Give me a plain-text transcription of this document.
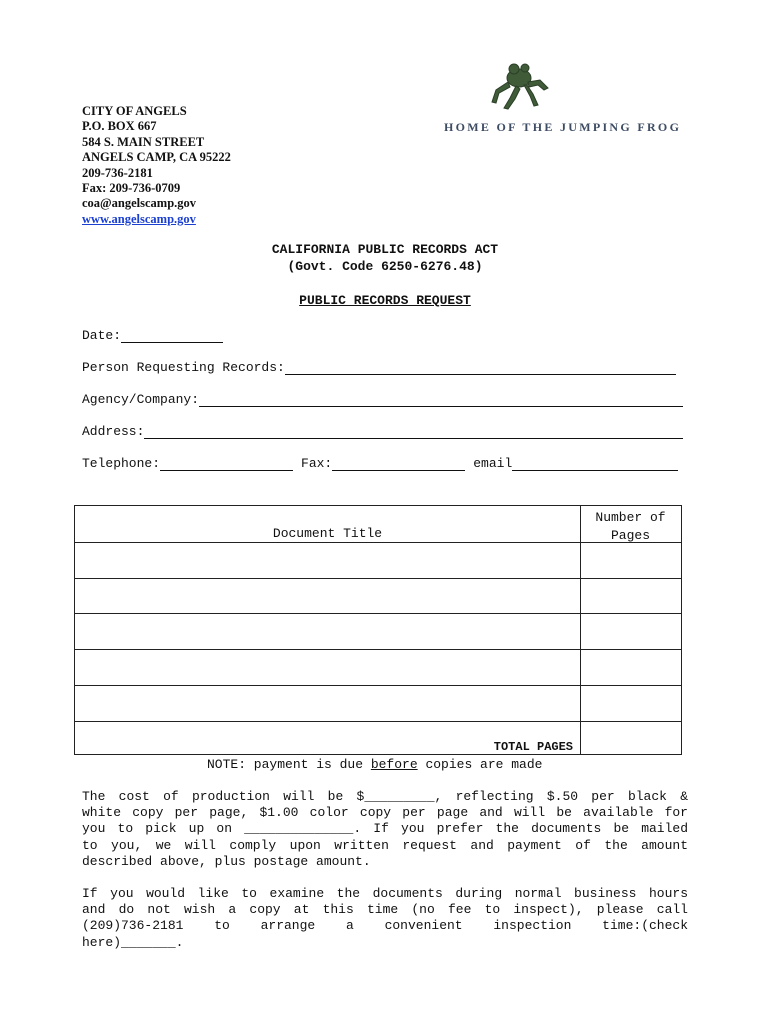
CITY OF ANGELS
P.O. BOX 667
584 S. MAIN STREET
ANGELS CAMP, CA 95222
209-736-2181
Fax: 209-736-0709
coa@angelscamp.gov
www.angelscamp.gov
HOME OF THE JUMPING FROG
CALIFORNIA PUBLIC RECORDS ACT
(Govt. Code 6250-6276.48)
PUBLIC RECORDS REQUEST
Date:
Person Requesting Records:
Agency/Company:
Address:
Telephone:	Fax:	email
Document Title
Number of
Pages
TOTAL PAGES
NOTE: payment is due before copies are made
The cost of production will be $_________, reflecting $.50 per black &
white copy per page, $1.00 color copy per page and will be available for
you to pick up on ______________. If you prefer the documents be mailed
to you, we will comply upon written request and payment of the amount
described above, plus postage amount.
If you would like to examine the documents during normal business hours
and do not wish a copy at this time (no fee to inspect), please call
(209)736-2181 to arrange a convenient inspection time:(check
here)_______.
